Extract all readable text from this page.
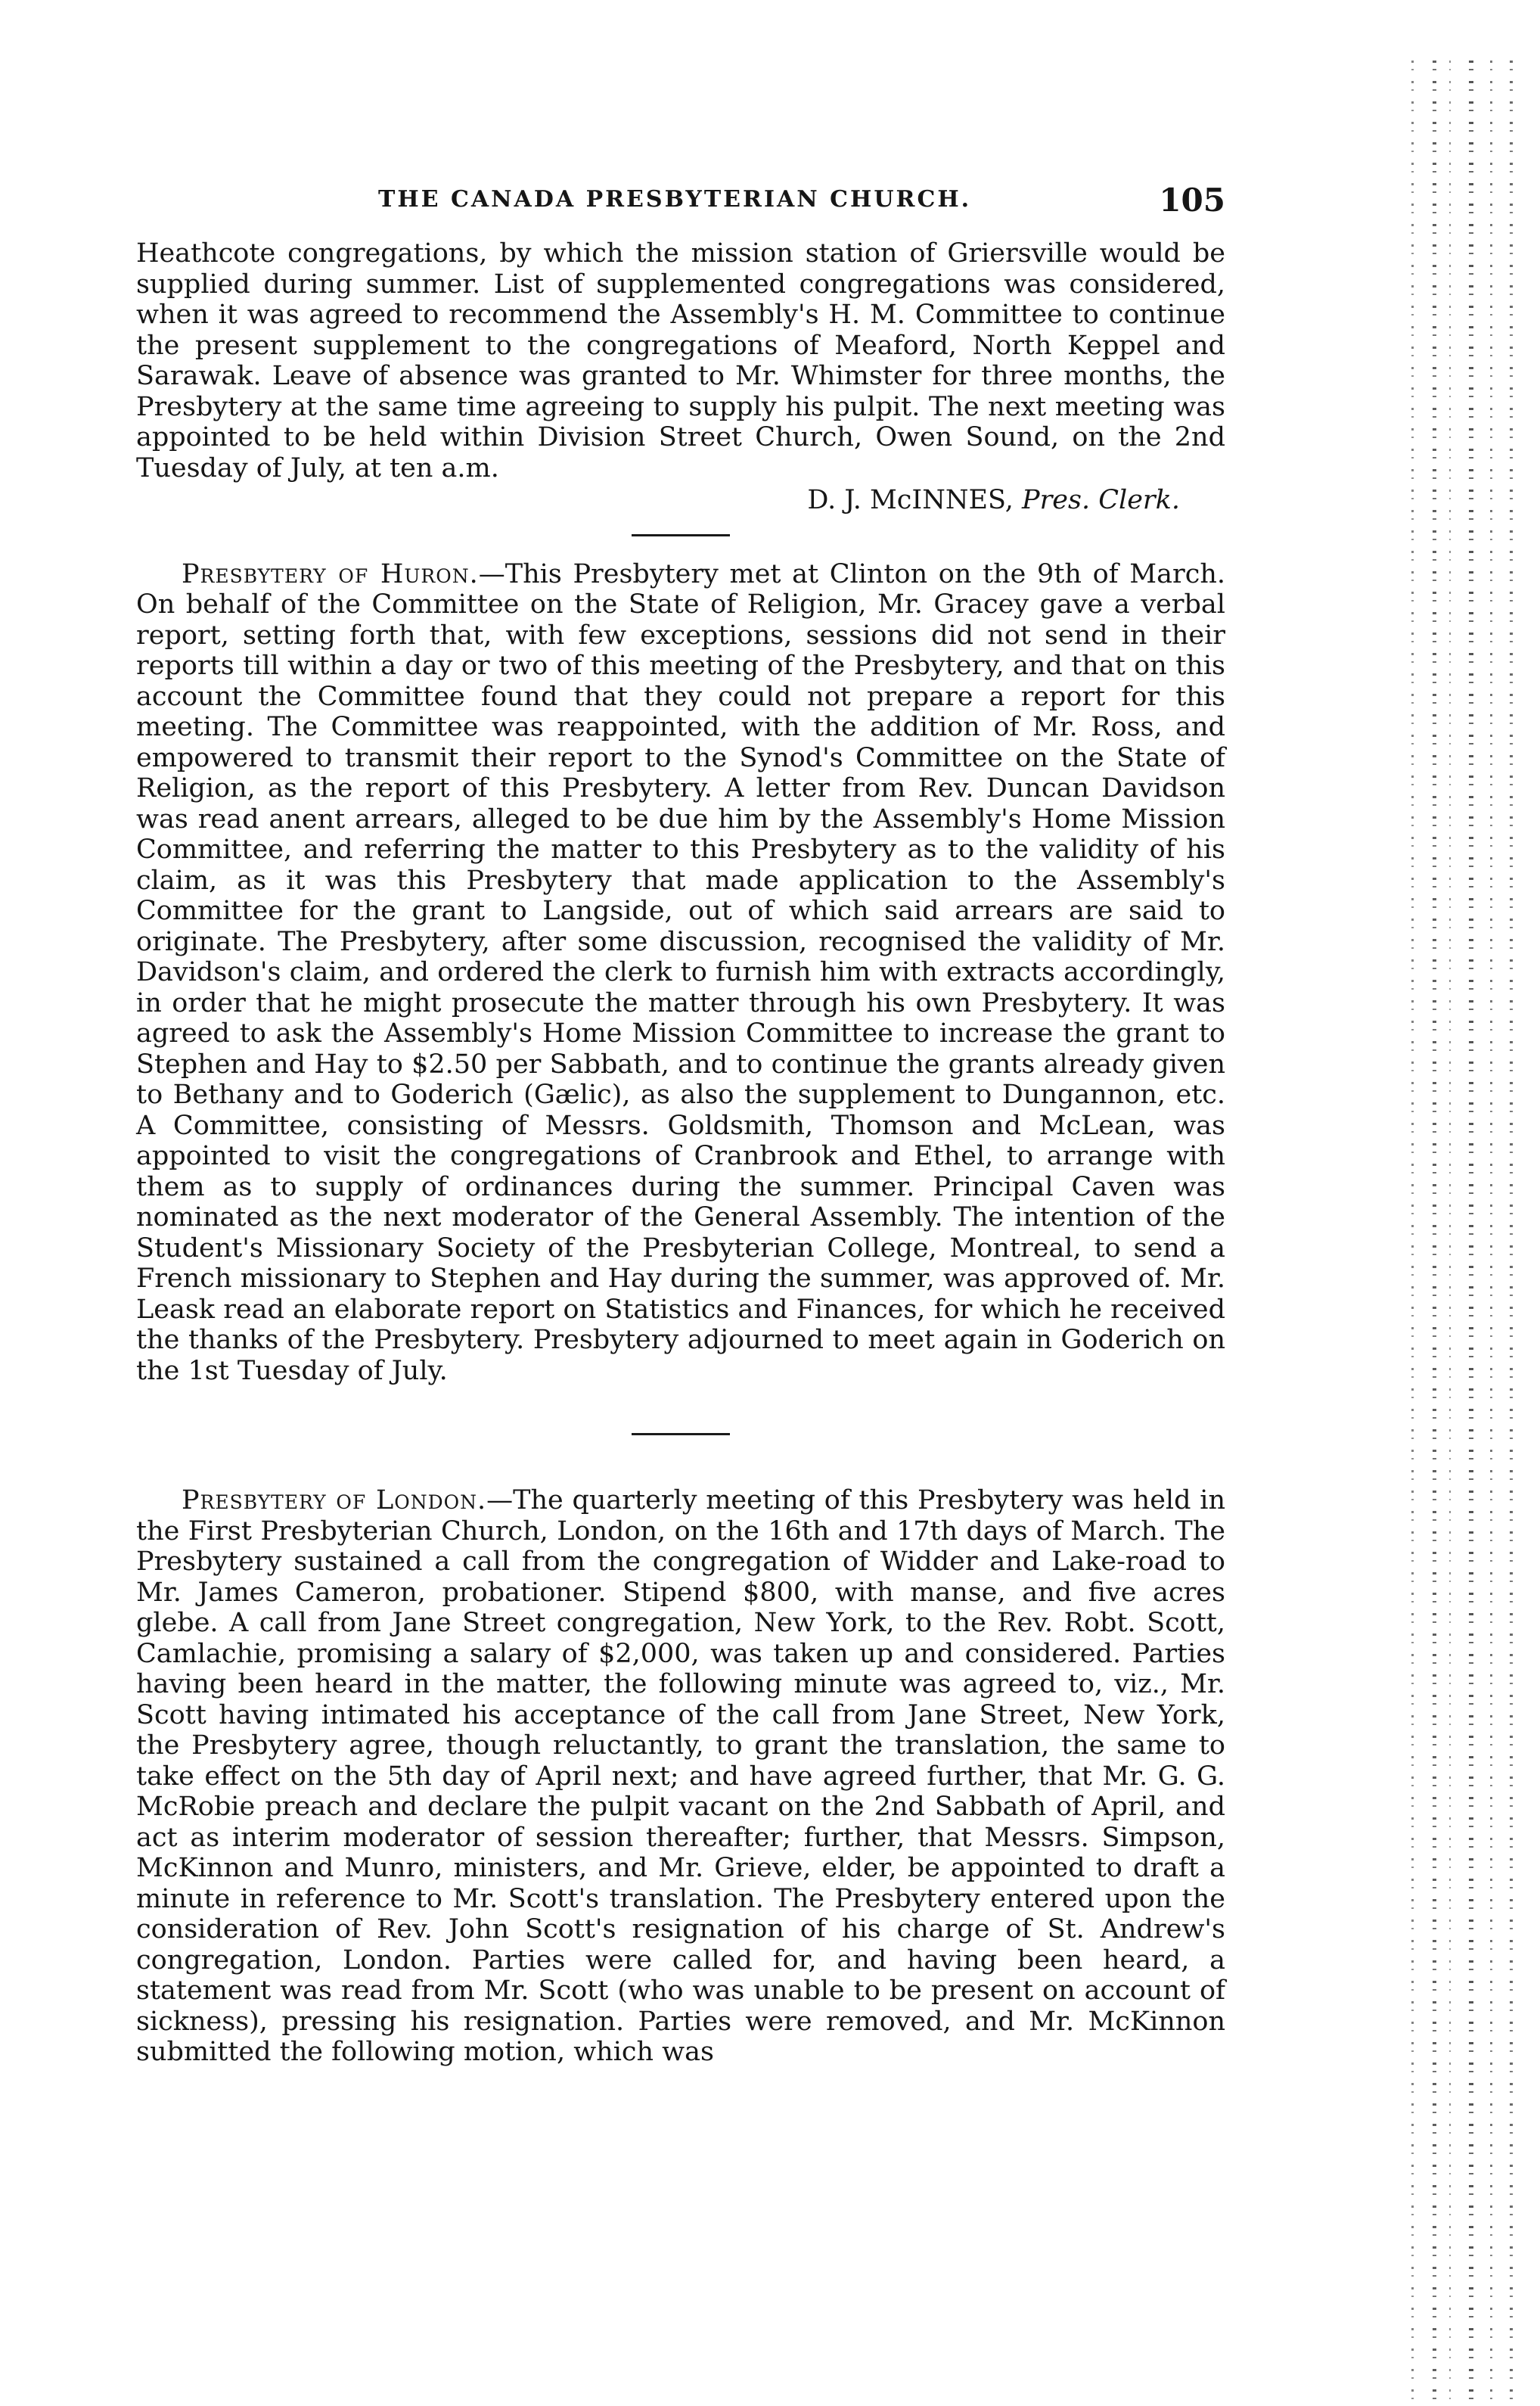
THE CANADA PRESBYTERIAN CHURCH.	105

Heathcote congregations, by which the mission station of Griersville would be supplied during summer. List of supplemented congregations was considered, when it was agreed to recommend the Assembly's H. M. Committee to continue the present supplement to the congregations of Meaford, North Keppel and Sarawak. Leave of absence was granted to Mr. Whimster for three months, the Presbytery at the same time agreeing to supply his pulpit. The next meeting was appointed to be held within Division Street Church, Owen Sound, on the 2nd Tuesday of July, at ten a.m.

D. J. McINNES, Pres. Clerk.

Presbytery of Huron.—This Presbytery met at Clinton on the 9th of March. On behalf of the Committee on the State of Religion, Mr. Gracey gave a verbal report, setting forth that, with few exceptions, sessions did not send in their reports till within a day or two of this meeting of the Presbytery, and that on this account the Committee found that they could not prepare a report for this meeting. The Committee was reappointed, with the addition of Mr. Ross, and empowered to transmit their report to the Synod's Committee on the State of Religion, as the report of this Presbytery. A letter from Rev. Duncan Davidson was read anent arrears, alleged to be due him by the Assembly's Home Mission Committee, and referring the matter to this Presbytery as to the validity of his claim, as it was this Presbytery that made application to the Assembly's Committee for the grant to Langside, out of which said arrears are said to originate. The Presbytery, after some discussion, recognised the validity of Mr. Davidson's claim, and ordered the clerk to furnish him with extracts accordingly, in order that he might prosecute the matter through his own Presbytery. It was agreed to ask the Assembly's Home Mission Committee to increase the grant to Stephen and Hay to $2.50 per Sabbath, and to continue the grants already given to Bethany and to Goderich (Gælic), as also the supplement to Dungannon, etc. A Committee, consisting of Messrs. Goldsmith, Thomson and McLean, was appointed to visit the congregations of Cranbrook and Ethel, to arrange with them as to supply of ordinances during the summer. Principal Caven was nominated as the next moderator of the General Assembly. The intention of the Student's Missionary Society of the Presbyterian College, Montreal, to send a French missionary to Stephen and Hay during the summer, was approved of. Mr. Leask read an elaborate report on Statistics and Finances, for which he received the thanks of the Presbytery. Presbytery adjourned to meet again in Goderich on the 1st Tuesday of July.

Presbytery of London.—The quarterly meeting of this Presbytery was held in the First Presbyterian Church, London, on the 16th and 17th days of March. The Presbytery sustained a call from the congregation of Widder and Lake-road to Mr. James Cameron, probationer. Stipend $800, with manse, and five acres glebe. A call from Jane Street congregation, New York, to the Rev. Robt. Scott, Camlachie, promising a salary of $2,000, was taken up and considered. Parties having been heard in the matter, the following minute was agreed to, viz., Mr. Scott having intimated his acceptance of the call from Jane Street, New York, the Presbytery agree, though reluctantly, to grant the translation, the same to take effect on the 5th day of April next; and have agreed further, that Mr. G. G. McRobie preach and declare the pulpit vacant on the 2nd Sabbath of April, and act as interim moderator of session thereafter; further, that Messrs. Simpson, McKinnon and Munro, ministers, and Mr. Grieve, elder, be appointed to draft a minute in reference to Mr. Scott's translation. The Presbytery entered upon the consideration of Rev. John Scott's resignation of his charge of St. Andrew's congregation, London. Parties were called for, and having been heard, a statement was read from Mr. Scott (who was unable to be present on account of sickness), pressing his resignation. Parties were removed, and Mr. McKinnon submitted the following motion, which was
